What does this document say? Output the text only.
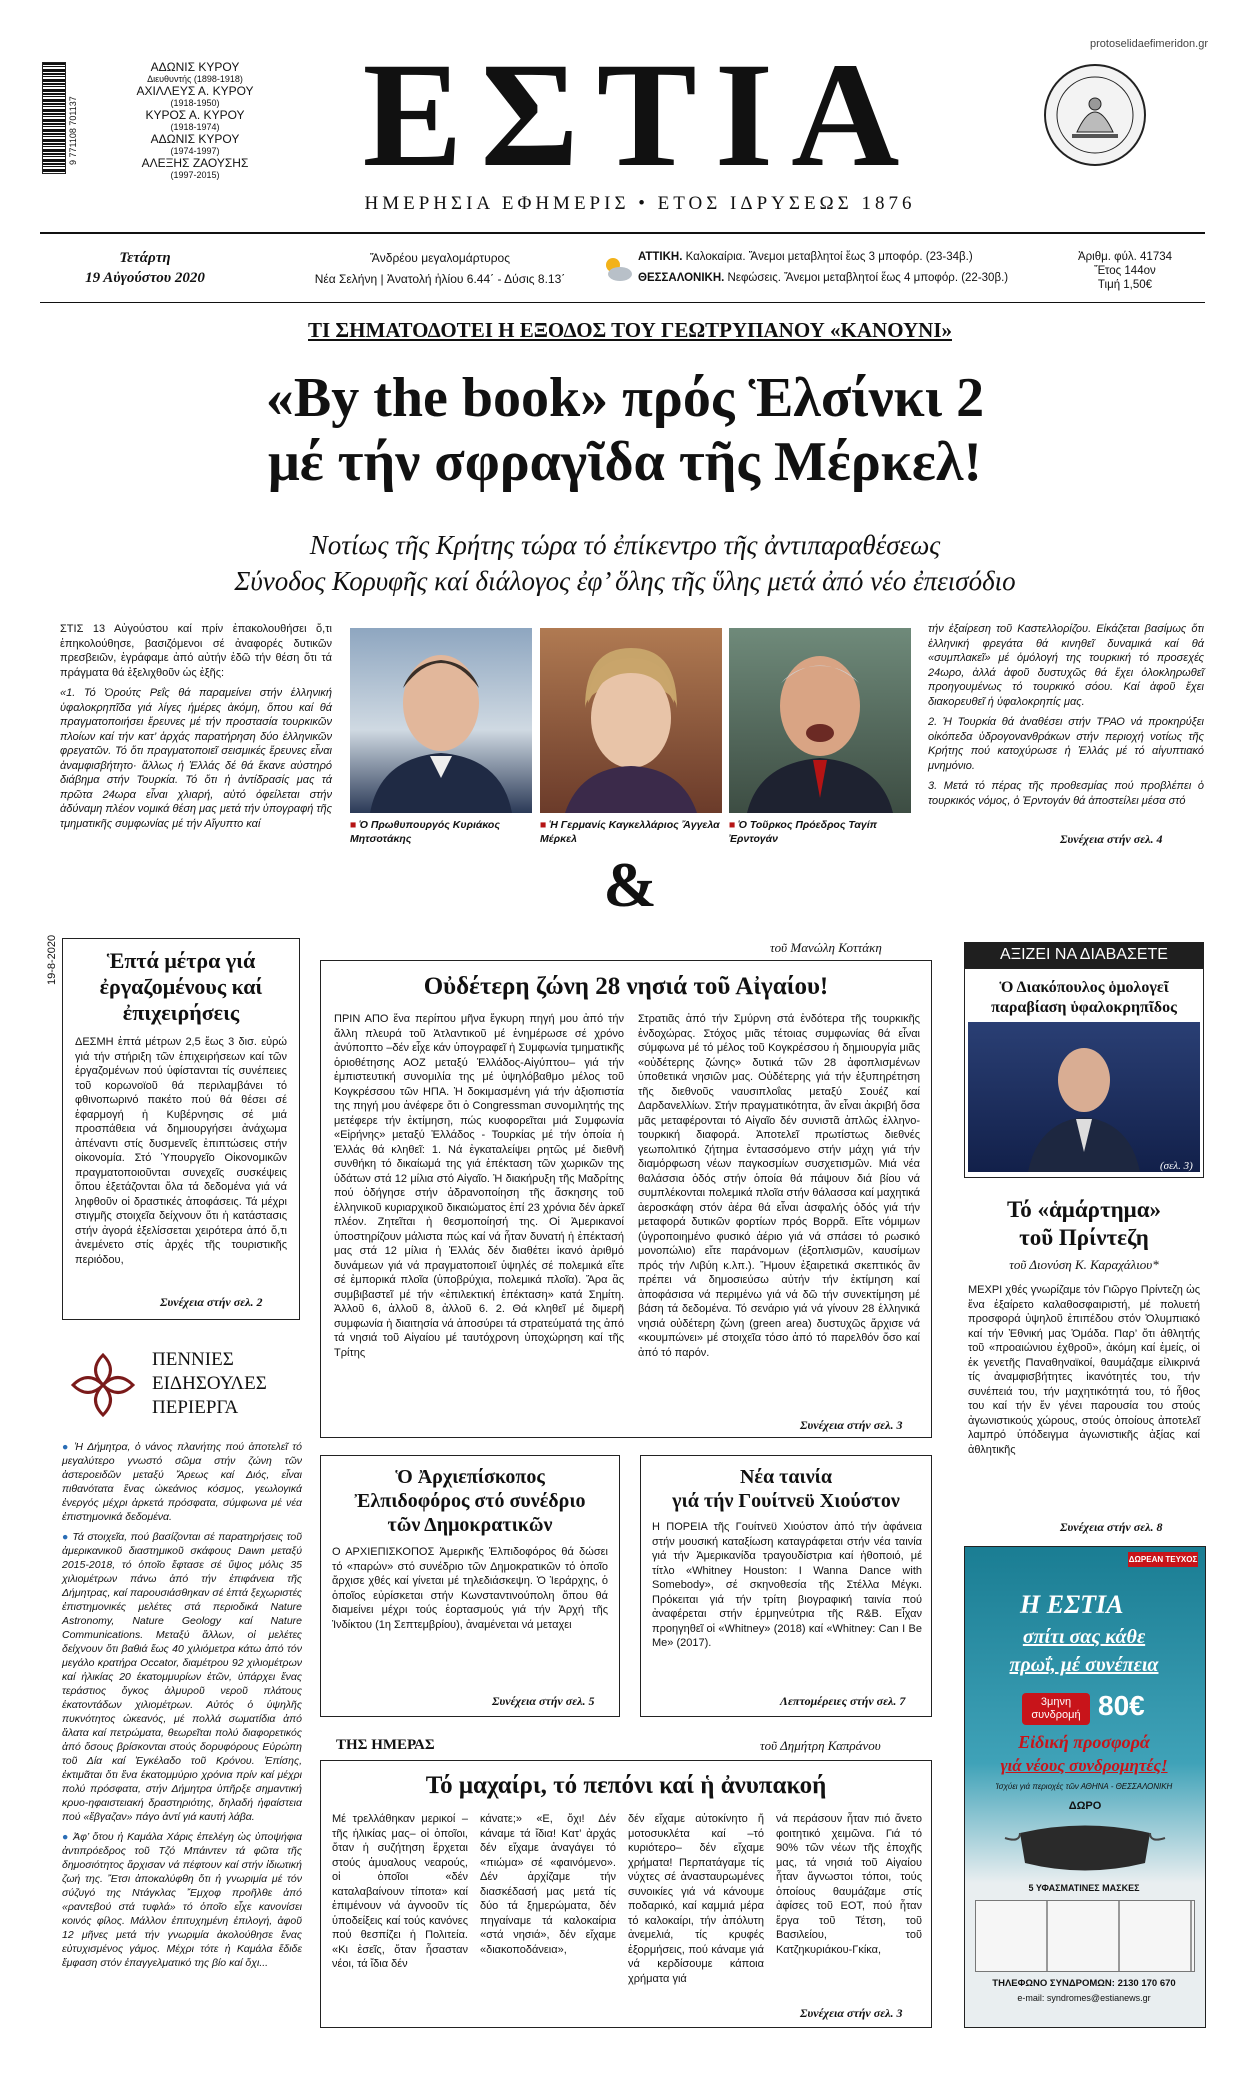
protoselidaefimeridon.gr
9 771108 701137
ΑΔΩΝΙΣ ΚΥΡΟΥ
Διευθυντής (1898-1918)
ΑΧΙΛΛΕΥΣ Α. ΚΥΡΟΥ
(1918-1950)
ΚΥΡΟΣ Α. ΚΥΡΟΥ
(1918-1974)
ΑΔΩΝΙΣ ΚΥΡΟΥ
(1974-1997)
ΑΛΕΞΗΣ ΖΑΟΥΣΗΣ
(1997-2015) ΕΣΤΙΑ
ΗΜΕΡΗΣΙΑ ΕΦΗΜΕΡΙΣ • ΕΤΟΣ ΙΔΡΥΣΕΩΣ 1876
Τετάρτη
19 Αὐγούστου 2020
Ἄνδρέου μεγαλομάρτυρος
Νέα Σελήνη | Ἀνατολή ἡλίου 6.44΄ - Δύσις 8.13΄
ΑΤΤΙΚΗ. Καλοκαίρια. Ἄνεμοι μεταβλητοί ἕως 3 μποφόρ. (23-34β.)
ΘΕΣΣΑΛΟΝΙΚΗ. Νεφώσεις. Ἄνεμοι μεταβλητοί ἕως 4 μποφόρ. (22-30β.)
Ἀριθμ. φύλ. 41734
Ἔτος 144ον
Τιμή 1,50€
ΤΙ ΣΗΜΑΤΟΔΟΤΕΙ Η ΕΞΟΔΟΣ ΤΟΥ ΓΕΩΤΡΥΠΑΝΟΥ «ΚΑΝΟΥΝΙ»
«By the book» πρός Ἑλσίνκι 2
μέ τήν σφραγῖδα τῆς Μέρκελ!
Νοτίως τῆς Κρήτης τώρα τό ἐπίκεντρο τῆς ἀντιπαραθέσεως
Σύνοδος Κορυφῆς καί διάλογος ἐφ’ ὅλης τῆς ὕλης μετά ἀπό νέο ἐπεισόδιο

ΣΤΙΣ 13 Αὐγούστου καί πρίν ἐπακολουθήσει ὅ,τι ἐπηκολούθησε, βασιζόμενοι σέ ἀναφορές δυτικῶν πρεσβειῶν, ἐγράφαμε ἀπό αὐτήν ἐδῶ τήν θέση ὅτι τά πράγματα θά ἐξελιχθοῦν ὡς ἐξῆς:

«1. Τό Ὀρούτς Ρεΐς θά παραμείνει στήν ἑλληνική ὑφαλοκρηπῖδα γιά λίγες ἡμέρες ἀκόμη, ὅπου καί θά πραγματοποιήσει ἔρευνες μέ τήν προστασία τουρκικῶν πλοίων καί τήν κατ’ ἀρχάς παρατήρηση δύο ἑλληνικῶν φρεγατῶν. Τό ὅτι πραγματοποιεῖ σεισμικές ἔρευνες εἶναι ἀναμφισβήτητο· ἄλλως ἡ Ἑλλάς δέ θά ἔκανε αὐστηρό διάβημα στήν Τουρκία. Τό ὅτι ἡ ἀντίδρασίς μας τά πρῶτα 24ωρα εἶναι χλιαρή, αὐτό ὀφείλεται στήν ἀδύναμη πλέον νομικά θέση μας μετά τήν ὑπογραφή τῆς τμηματικῆς συμφωνίας μέ τήν Αἴγυπτο καί	■ Ὁ Πρωθυπουργός Κυριάκος Μητσοτάκης
■ Ἡ Γερμανίς Καγκελλάριος Ἄγγελα Μέρκελ
■ Ὁ Τοῦρκος Πρόεδρος Ταγίπ Ἐρντογάν

τήν ἐξαίρεση τοῦ Καστελλορίζου. Εἰκάζεται βασίμως ὅτι ἑλληνική φρεγάτα θά κινηθεῖ δυναμικά καί θά «συμπλακεῖ» μέ ὁμόλογή της τουρκική τό προσεχές 24ωρο, ἀλλά ἀφοῦ δυστυχῶς θά ἔχει ὁλοκληρωθεῖ προηγουμένως τό τουρκικό σόου. Καί ἀφοῦ ἔχει διακορευθεῖ ἡ ὑφαλοκρηπίς μας.

2. Ἡ Τουρκία θά ἀναθέσει στήν ΤΡΑΟ νά προκηρύξει οἰκόπεδα ὑδρογονανθράκων στήν περιοχή νοτίως τῆς Κρήτης πού κατοχύρωσε ἡ Ἑλλάς μέ τό αἰγυπτιακό μνημόνιο.

3. Μετά τό πέρας τῆς προθεσμίας πού προβλέπει ὁ τουρκικός νόμος, ὁ Ἐρντογάν θά ἀποστείλει μέσα στό

Συνέχεια στήν σελ. 4
&
19-8-2020	Ἑπτά μέτρα γιά ἐργαζομένους καί ἐπιχειρήσεις

ΔΕΣΜΗ ἑπτά μέτρων 2,5 ἕως 3 δισ. εὐρώ γιά τήν στήριξη τῶν ἐπιχειρήσεων καί τῶν ἐργαζομένων πού ὑφίστανται τίς συνέπειες τοῦ κορωνοϊοῦ θά περιλαμβάνει τό φθινοπωρινό πακέτο πού θά θέσει σέ ἐφαρμογή ἡ Κυβέρνησις σέ μιά προσπάθεια νά δημιουργήσει ἀνάχωμα ἀπέναντι στίς δυσμενεῖς ἐπιπτώσεις στήν οἰκονομία. Στό Ὑπουργεῖο Οἰκονομικῶν πραγματοποιοῦνται συνεχεῖς συσκέψεις ὅπου ἐξετάζονται ὅλα τά δεδομένα γιά νά ληφθοῦν οἱ δραστικές ἀποφάσεις. Τά μέχρι στιγμῆς στοιχεῖα δείχνουν ὅτι ἡ κατάστασις στήν ἀγορά ἐξελίσσεται χειρότερα ἀπό ὅ,τι ἀνεμένετο στίς ἀρχές τῆς τουριστικῆς περιόδου,

Συνέχεια στήν σελ. 2
ΠΕΝΝΙΕΣ
ΕΙΔΗΣΟΥΛΕΣ
ΠΕΡΙΕΡΓΑ

● Ἡ Δήμητρα, ὁ νάνος πλανήτης πού ἀποτελεῖ τό μεγαλύτερο γνωστό σῶμα στήν ζώνη τῶν ἀστεροειδῶν μεταξύ Ἄρεως καί Διός, εἶναι πιθανότατα ἕνας ὠκεάνιος κόσμος, γεωλογικά ἐνεργός μέχρι ἀρκετά πρόσφατα, σύμφωνα μέ νέα ἐπιστημονικά δεδομένα.

● Τά στοιχεῖα, πού βασίζονται σέ παρατηρήσεις τοῦ ἀμερικανικοῦ διαστημικοῦ σκάφους Dawn μεταξύ 2015-2018, τό ὁποῖο ἔφτασε σέ ὕψος μόλις 35 χιλιομέτρων πάνω ἀπό τήν ἐπιφάνεια τῆς Δήμητρας, καί παρουσιάσθηκαν σέ ἑπτά ξεχωριστές ἐπιστημονικές μελέτες στά περιοδικά Nature Astronomy, Nature Geology καί Nature Communications. Μεταξύ ἄλλων, οἱ μελέτες δείχνουν ὅτι βαθιά ἕως 40 χιλιόμετρα κάτω ἀπό τόν μεγάλο κρατήρα Occator, διαμέτρου 92 χιλιομέτρων καί ἡλικίας 20 ἑκατομμυρίων ἐτῶν, ὑπάρχει ἕνας τεράστιος ὄγκος ἁλμυροῦ νεροῦ πλάτους ἑκατοντάδων χιλιομέτρων. Αὐτός ὁ ὑψηλῆς πυκνότητος ὠκεανός, μέ πολλά σωματίδια ἀπό ἅλατα καί πετρώματα, θεωρεῖται πολύ διαφορετικός ἀπό ὅσους βρίσκονται στούς δορυφόρους Εὐρώπη τοῦ Δία καί Ἐγκέλαδο τοῦ Κρόνου. Ἐπίσης, ἐκτιμᾶται ὅτι ἕνα ἑκατομμύριο χρόνια πρίν καί μέχρι πολύ πρόσφατα, στήν Δήμητρα ὑπῆρξε σημαντική κρυο-ηφαιστειακή δραστηριότης, δηλαδή ἡφαίστεια πού «ἔβγαζαν» πάγο ἀντί γιά καυτή λάβα.

● Ἀφ’ ὅτου ἡ Καμάλα Χάρις ἐπελέγη ὡς ὑποψήφια ἀντιπρόεδρος τοῦ Τζό Μπάιντεν τά φῶτα τῆς δημοσιότητος ἄρχισαν νά πέφτουν καί στήν ἰδιωτική ζωή της. Ἔτσι ἀποκαλύφθη ὅτι ἡ γνωριμία μέ τόν σύζυγό της Ντάγκλας Ἔμχοφ προῆλθε ἀπό «ραντεβού στά τυφλά» τό ὁποῖο εἶχε κανονίσει κοινός φίλος. Μάλλον ἐπιτυχημένη ἐπιλογή, ἀφοῦ 12 μῆνες μετά τήν γνωριμία ἀκολούθησε ἕνας εὐτυχισμένος γάμος. Μέχρι τότε ἡ Καμάλα ἔδιδε ἔμφαση στόν ἐπαγγελματικό της βίο καί ὄχι...

τοῦ Μανώλη Κοττάκη
Οὐδέτερη ζώνη 28 νησιά τοῦ Αἰγαίου!

ΠΡΙΝ ΑΠΟ ἕνα περίπου μῆνα ἔγκυρη πηγή μου ἀπό τήν ἄλλη πλευρά τοῦ Ἀτλαντικοῦ μέ ἐνημέρωσε σέ χρόνο ἀνύποπτο –δέν εἶχε κάν ὑπογραφεῖ ἡ Συμφωνία τμηματικῆς ὁριοθέτησης ΑΟΖ μεταξύ Ἑλλάδος-Αἰγύπτου– γιά τήν ἐμπιστευτική συνομιλία της μέ ὑψηλόβαθμο μέλος τοῦ Κογκρέσσου τῶν ΗΠΑ. Ἡ δοκιμασμένη γιά τήν ἀξιοπιστία της πηγή μου ἀνέφερε ὅτι ὁ Congressman συνομιλητής της μετέφερε τήν ἐκτίμηση, πώς κυοφορεῖται μιά Συμφωνία «Εἰρήνης» μεταξύ Ἑλλάδος - Τουρκίας μέ τήν ὁποία ἡ Ἑλλάς θά κληθεῖ: 1. Νά ἐγκαταλείψει ρητῶς μέ διεθνῆ συνθήκη τό δικαίωμά της γιά ἐπέκταση τῶν χωρικῶν της ὑδάτων στά 12 μίλια στό Αἰγαῖο. Ἡ διακήρυξη τῆς Μαδρίτης πού ὁδήγησε στήν ἀδρανοποίηση τῆς ἄσκησης τοῦ ἑλληνικοῦ κυριαρχικοῦ δικαιώματος ἐπί 23 χρόνια δέν ἀρκεῖ πλέον. Ζητεῖται ἡ θεσμοποίησή της. Οἱ Ἀμερικανοί ὑποστηρίζουν μάλιστα πώς καί νά ἦταν δυνατή ἡ ἐπέκτασή μας στά 12 μίλια ἡ Ἑλλάς δέν διαθέτει ἱκανό ἀριθμό δυνάμεων γιά νά πραγματοποιεῖ ὑψηλές σέ πολεμικά εἴτε σέ ἐμπορικά πλοῖα (ὑποβρύχια, πολεμικά πλοῖα). Ἄρα ἂς συμβιβαστεῖ μέ τήν «ἐπιλεκτική ἐπέκταση» κατά Σημίτη. Ἀλλοῦ 6, ἀλλοῦ 8, ἀλλοῦ 6. 2. Θά κληθεῖ μέ διμερῆ συμφωνία ἡ διαιτησία νά ἀποσύρει τά στρατεύματά της ἀπό τά νησιά τοῦ Αἰγαίου μέ ταυτόχρονη ὑποχώρηση καί τῆς Τρίτης

Στρατιᾶς ἀπό τήν Σμύρνη στά ἐνδότερα τῆς τουρκικῆς ἐνδοχώρας. Στόχος μιᾶς τέτοιας συμφωνίας θά εἶναι σύμφωνα μέ τό μέλος τοῦ Κογκρέσσου ἡ δημιουργία μιᾶς «οὐδέτερης ζώνης» δυτικά τῶν 28 ἀφοπλισμένων ὑποθετικά νησιῶν μας. Οὐδέτερης γιά τήν ἐξυπηρέτηση τῆς διεθνοῦς ναυσιπλοΐας μεταξύ Σουέζ καί Δαρδανελλίων. Στήν πραγματικότητα, ἂν εἶναι ἀκριβή ὅσα μᾶς μεταφέρονται τό Αἰγαῖο δέν συνιστᾶ ἁπλῶς ἑλληνο-τουρκική διαφορά. Ἀποτελεῖ πρωτίστως διεθνές γεωπολιτικό ζήτημα ἐντασσόμενο στήν μάχη γιά τήν διαμόρφωση νέων παγκοσμίων συσχετισμῶν. Μιά νέα θαλάσσια ὁδός στήν ὁποία θά πάψουν διά βίου νά συμπλέκονται πολεμικά πλοῖα στήν θάλασσα καί μαχητικά ἀεροσκάφη στόν ἀέρα θά εἶναι ἀσφαλής ὁδός γιά τήν μεταφορά δυτικῶν φορτίων πρός Βορρᾶ. Εἴτε νόμιμων (ὑγροποιημένο φυσικό ἀέριο γιά νά σπάσει τό ρωσικό μονοπώλιο) εἴτε παράνομων (ἐξοπλισμῶν, καυσίμων πρός τήν Λιβύη κ.λπ.). Ἤμουν ἐξαιρετικά σκεπτικός ἂν πρέπει νά δημοσιεύσω αὐτήν τήν ἐκτίμηση καί ἀποφάσισα νά περιμένω γιά νά δῶ τήν συνεκτίμηση μέ βάση τά δεδομένα. Τό σενάριο γιά νά γίνουν 28 ἑλληνικά νησιά οὐδέτερη ζώνη (green area) δυστυχῶς ἄρχισε νά «κουμπώνει» μέ στοιχεῖα τόσο ἀπό τό παρελθόν ὅσο καί ἀπό τό παρόν.

Συνέχεια στήν σελ. 3
ΑΞΙΖΕΙ ΝΑ ΔΙΑΒΑΣΕΤΕ
Ὁ Διακόπουλος ὁμολογεῖ παραβίαση ὑφαλοκρηπῖδος
(σελ. 3)
Τό «ἁμάρτημα»
τοῦ Πρίντεζη
τοῦ Διονύση Κ. Καραχάλιου*

ΜΕΧΡΙ χθές γνωρίζαμε τόν Γιῶργο Πρίντεζη ὡς ἕνα ἐξαίρετο καλαθοσφαιριστή, μέ πολυετή προσφορά ὑψηλοῦ ἐπιπέδου στόν Ὀλυμπιακό καί τήν Ἐθνική μας Ὁμάδα. Παρ’ ὅτι ἀθλητής τοῦ «προαιώνιου ἐχθροῦ», ἀκόμη καί ἐμείς, οἱ ἐκ γενετῆς Παναθηναϊκοί, θαυμάζαμε εἰλικρινά τίς ἀναμφισβήτητες ἱκανότητές του, τήν συνέπειά του, τήν μαχητικότητά του, τό ἦθος του καί τήν ἔν γένει παρουσία του στούς ἀγωνιστικούς χώρους, στούς ὁποίους ἀποτελεῖ λαμπρό ὑπόδειγμα ἀγωνιστικῆς ἀξίας καί ἀθλητικῆς

Συνέχεια στήν σελ. 8
Ὁ Ἀρχιεπίσκοπος
Ἐλπιδοφόρος στό συνέδριο
τῶν Δημοκρατικῶν

Ο ΑΡΧΙΕΠΙΣΚΟΠΟΣ Ἀμερικῆς Ἐλπιδοφόρος θά δώσει τό «παρών» στό συνέδριο τῶν Δημοκρατικῶν τό ὁποῖο ἄρχισε χθές καί γίνεται μέ τηλεδιάσκεψη. Ὁ Ἱεράρχης, ὁ ὁποῖος εὐρίσκεται στήν Κωνσταντινούπολη ὅπου θά διαμείνει μέχρι τούς ἑορτασμούς γιά τήν Ἀρχή τῆς Ἰνδίκτου (1η Σεπτεμβρίου), ἀναμένεται νά μεταχει

Συνέχεια στήν σελ. 5
Νέα ταινία
γιά τήν Γουίτνεϋ Χιούστον

Η ΠΟΡΕΙΑ τῆς Γουίτνεϋ Χιούστον ἀπό τήν ἀφάνεια στήν μουσική καταξίωση καταγράφεται στήν νέα ταινία γιά τήν Ἀμερικανίδα τραγουδίστρια καί ἠθοποιό, μέ τίτλο «Whitney Houston: I Wanna Dance with Somebody», σέ σκηνοθεσία τῆς Στέλλα Μέγκι. Πρόκειται γιά τήν τρίτη βιογραφική ταινία πού ἀναφέρεται στήν ἑρμηνεύτρια τῆς R&B. Εἶχαν προηγηθεῖ οἱ «Whitney» (2018) καί «Whitney: Can I Be Me» (2017).

Λεπτομέρειες στήν σελ. 7
ΤΗΣ ΗΜΕΡΑΣ	τοῦ Δημήτρη Καπράνου
Τό μαχαίρι, τό πεπόνι καί ἡ ἀνυπακοή

Μέ τρελλάθηκαν μερικοί –τῆς ἡλικίας μας– οἱ ὁποῖοι, ὅταν ἡ συζήτηση ἔρχεται στούς ἀμυαλους νεαρούς, οἱ ὁποῖοι «δέν καταλαβαίνουν τίποτα» καί ἐπιμένουν νά ἀγνοοῦν τίς ὑποδείξεις καί τούς κανόνες πού θεσπίζει ἡ Πολιτεία. «Κι ἐσεῖς, ὅταν ἦσασταν νέοι, τά ἴδια δέν

κάνατε;» «Ε, ὄχι! Δέν κάναμε τά ἴδια! Κατ’ ἀρχάς δέν εἴχαμε ἀναγάγει τό «πιώμα» σέ «φαινόμενο». Δέν ἀρχίζαμε τήν διασκέδασή μας μετά τίς δύο τά ξημερώματα, δέν πηγαίναμε τά καλοκαίρια «στά νησιά», δέν εἴχαμε «διακοποδάνεια»,

δέν εἴχαμε αὐτοκίνητο ἤ μοτοσυκλέτα καί –τό κυριότερο– δέν εἴχαμε χρήματα! Περπατάγαμε τίς νύχτες σέ ἀνασταυρωμένες συνοικίες γιά νά κάνουμε ποδαρικό, καί καμμιά μέρα τό καλοκαίρι, τήν ἀπόλυτη ἀνεμελιά, τίς κρυφές ἐξορμήσεις, πού κάναμε γιά νά κερδίσουμε κάποια χρήματα γιά

νά περάσουν ἦταν πιό ἄνετο φοιτητικό χειμῶνα. Γιά τό 90% τῶν νέων τῆς ἐποχῆς μας, τά νησιά τοῦ Αἰγαίου ἦταν ἄγνωστοι τόποι, τούς ὁποίους θαυμάζαμε στίς ἀφίσες τοῦ ΕΟΤ, πού ἦταν ἔργα τοῦ Τέτση, τοῦ Βασιλείου, τοῦ Κατζηκυριάκου-Γκίκα,

Συνέχεια στήν σελ. 3
ΔΩΡΕΑΝ ΤΕΥΧΟΣ
Η ΕΣΤΙΑ
σπίτι σας κάθε
πρωΐ, μέ συνέπεια
3μηνη συνδρομή 80€
Εἰδική προσφορά
γιά νέους συνδρομητές!
Ἰσχύει γιά περιοχές τῶν ΑΘΗΝΑ - ΘΕΣΣΑΛΟΝΙΚΗ
ΔΩΡΟ
5 ΥΦΑΣΜΑΤΙΝΕΣ ΜΑΣΚΕΣ
ΤΗΛΕΦΩΝΟ ΣΥΝΔΡΟΜΩΝ: 2130 170 670
e-mail: syndromes@estianews.gr
